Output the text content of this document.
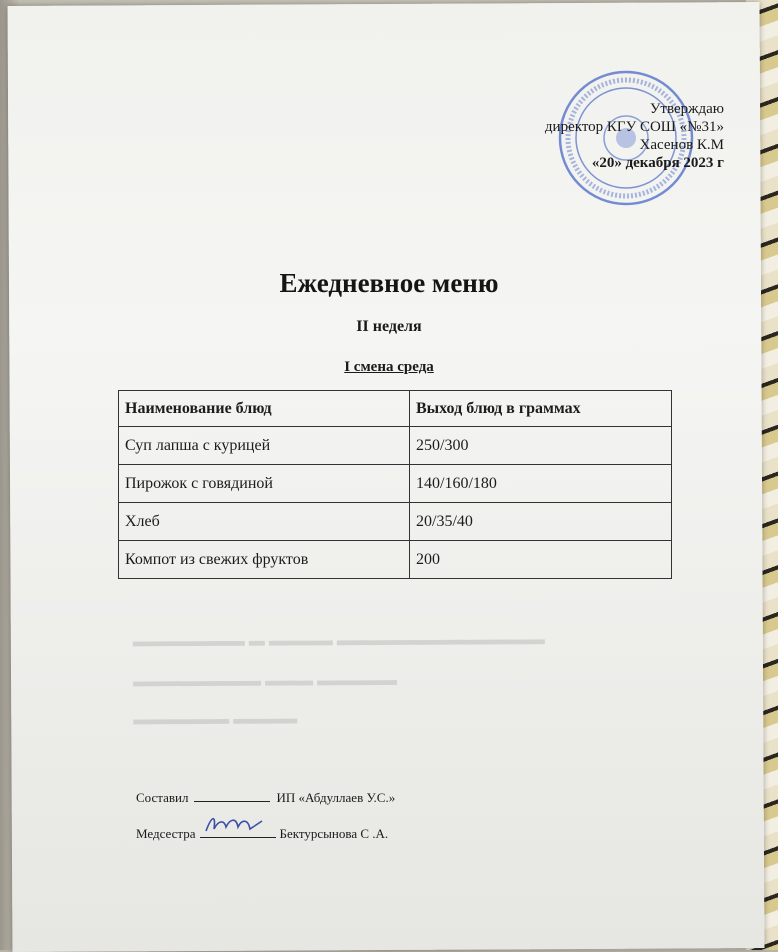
▬▬▬▬▬▬▬ ▬ ▬▬▬▬ ▬▬▬▬▬▬▬▬▬▬▬▬▬
▬▬▬▬▬▬▬▬ ▬▬▬ ▬▬▬▬▬
▬▬▬▬▬▬ ▬▬▬▬
Утверждаю
директор КГУ СОШ «№31»
Хасенов К.М
«20» декабря 2023 г
Ежедневное меню
II неделя
I смена среда
Наименование блюд	Выход блюд в граммах
Суп лапша с курицей	250/300
Пирожок с говядиной	140/160/180
Хлеб	20/35/40
Компот из свежих фруктов	200
Составил	ИП «Абдуллаев У.С.»
Медсестра	Бектурсынова С .А.
